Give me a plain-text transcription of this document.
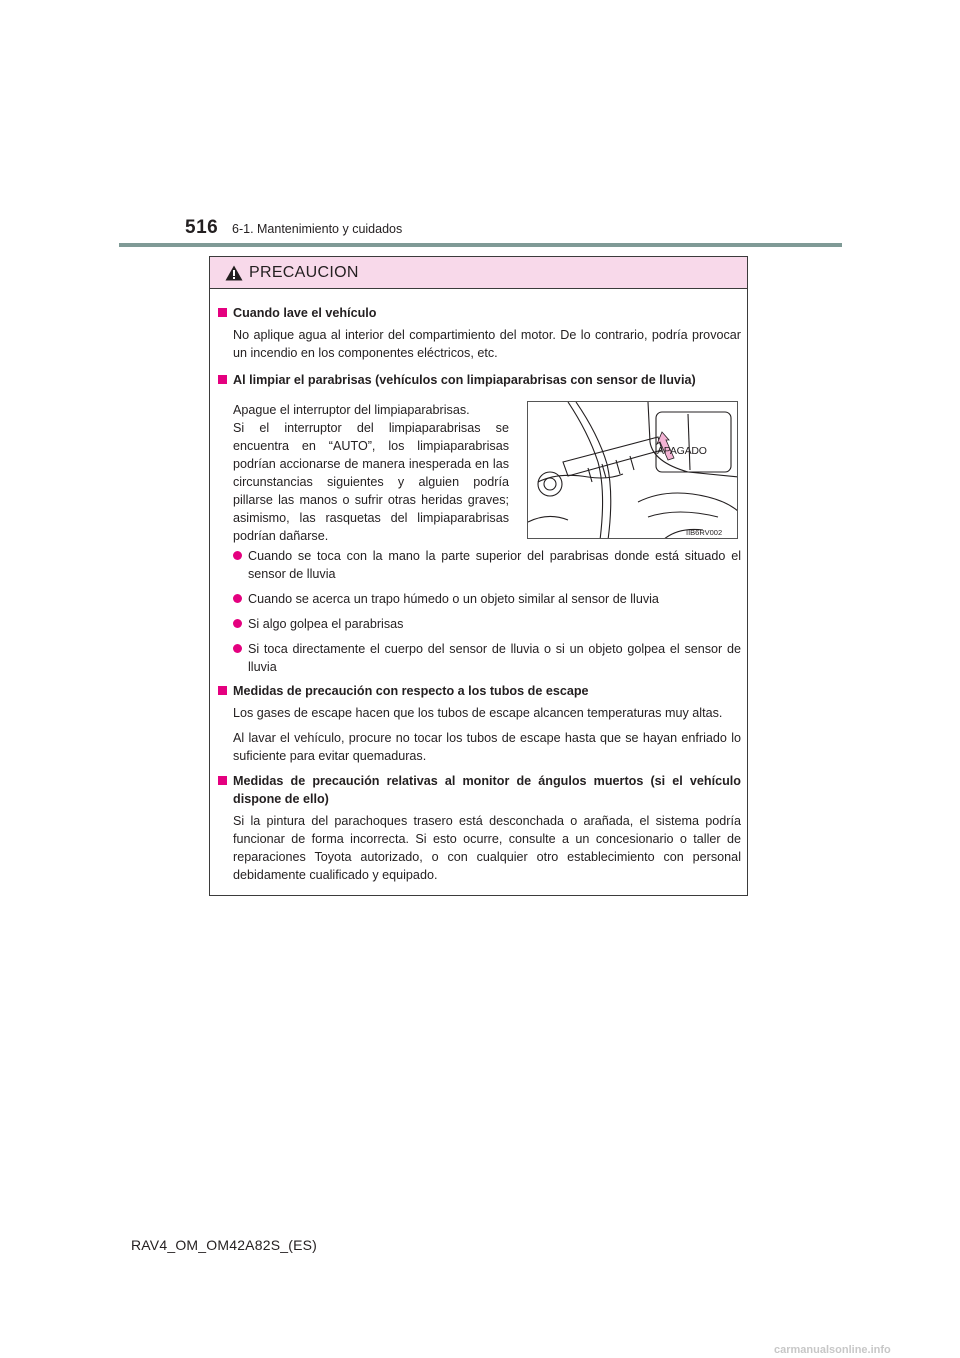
516 6-1. Mantenimiento y cuidados
PRECAUCION
Cuando lave el vehículo
No aplique agua al interior del compartimiento del motor. De lo contrario, podría provocar un incendio en los componentes eléctricos, etc.
Al limpiar el parabrisas (vehículos con limpiaparabrisas con sensor de lluvia)
Apague el interruptor del limpiaparabrisas.
Si el interruptor del limpiaparabrisas se encuentra en “AUTO”, los limpiaparabrisas podrían accionarse de manera inesperada en las circunstancias siguientes y alguien podría pillarse las manos o sufrir otras heridas graves; asimismo, las rasquetas del limpiaparabrisas podrían dañarse.
APAGADO
IIB6RV002
Cuando se toca con la mano la parte superior del parabrisas donde está situado el sensor de lluvia
Cuando se acerca un trapo húmedo o un objeto similar al sensor de lluvia
Si algo golpea el parabrisas
Si toca directamente el cuerpo del sensor de lluvia o si un objeto golpea el sensor de lluvia
Medidas de precaución con respecto a los tubos de escape
Los gases de escape hacen que los tubos de escape alcancen temperaturas muy altas.
Al lavar el vehículo, procure no tocar los tubos de escape hasta que se hayan enfriado lo suficiente para evitar quemaduras.
Medidas de precaución relativas al monitor de ángulos muertos (si el vehículo dispone de ello)
Si la pintura del parachoques trasero está desconchada o arañada, el sistema podría funcionar de forma incorrecta. Si esto ocurre, consulte a un concesionario o taller de reparaciones Toyota autorizado, o con cualquier otro establecimiento con personal debidamente cualificado y equipado.
RAV4_OM_OM42A82S_(ES)
carmanualsonline.info
